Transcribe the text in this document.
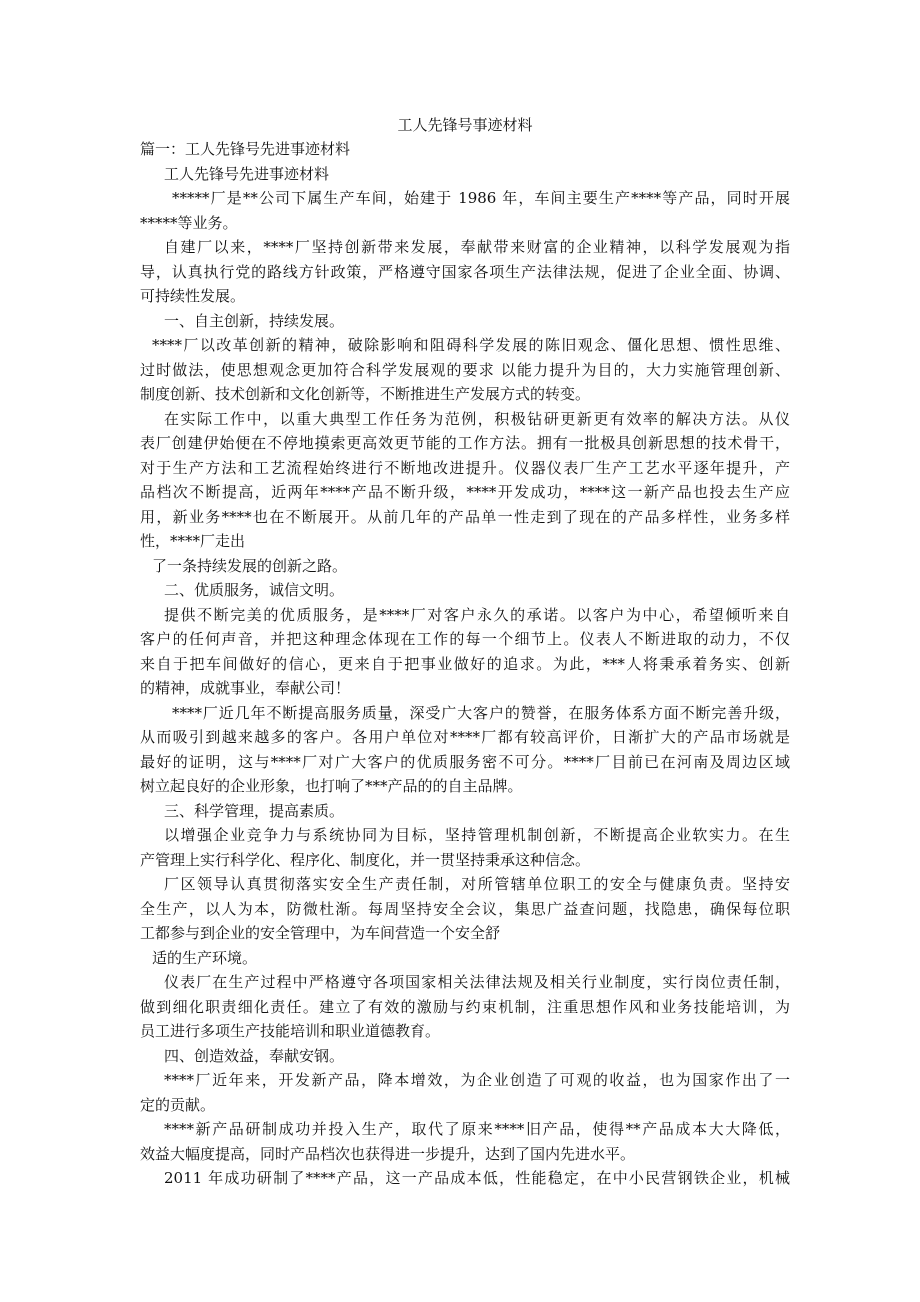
工人先锋号事迹材料

篇一：工人先锋号先进事迹材料

工人先锋号先进事迹材料

*****厂是**公司下属生产车间，始建于 1986 年，车间主要生产****等产品，同时开展

*****等业务。

自建厂以来，****厂坚持创新带来发展，奉献带来财富的企业精神，以科学发展观为指

导，认真执行党的路线方针政策，严格遵守国家各项生产法律法规，促进了企业全面、协调、

可持续性发展。

一、自主创新，持续发展。

****厂以改革创新的精神，破除影响和阻碍科学发展的陈旧观念、僵化思想、惯性思维、

过时做法，使思想观念更加符合科学发展观的要求 以能力提升为目的，大力实施管理创新、

制度创新、技术创新和文化创新等，不断推进生产发展方式的转变。

在实际工作中，以重大典型工作任务为范例，积极钻研更新更有效率的解决方法。从仪

表厂创建伊始便在不停地摸索更高效更节能的工作方法。拥有一批极具创新思想的技术骨干，

对于生产方法和工艺流程始终进行不断地改进提升。仪器仪表厂生产工艺水平逐年提升，产

品档次不断提高，近两年****产品不断升级，****开发成功，****这一新产品也投去生产应

用，新业务****也在不断展开。从前几年的产品单一性走到了现在的产品多样性，业务多样

性，****厂走出

了一条持续发展的创新之路。

二、优质服务，诚信文明。

提供不断完美的优质服务，是****厂对客户永久的承诺。以客户为中心，希望倾听来自

客户的任何声音，并把这种理念体现在工作的每一个细节上。仪表人不断进取的动力，不仅

来自于把车间做好的信心，更来自于把事业做好的追求。为此，***人将秉承着务实、创新

的精神，成就事业，奉献公司！

****厂近几年不断提高服务质量，深受广大客户的赞誉，在服务体系方面不断完善升级，

从而吸引到越来越多的客户。各用户单位对****厂都有较高评价，日渐扩大的产品市场就是

最好的证明，这与****厂对广大客户的优质服务密不可分。****厂目前已在河南及周边区域

树立起良好的企业形象，也打响了***产品的的自主品牌。

三、科学管理，提高素质。

以增强企业竞争力与系统协同为目标，坚持管理机制创新，不断提高企业软实力。在生

产管理上实行科学化、程序化、制度化，并一贯坚持秉承这种信念。

厂区领导认真贯彻落实安全生产责任制，对所管辖单位职工的安全与健康负责。坚持安

全生产，以人为本，防微杜渐。每周坚持安全会议，集思广益查问题，找隐患，确保每位职

工都参与到企业的安全管理中，为车间营造一个安全舒

适的生产环境。

仪表厂在生产过程中严格遵守各项国家相关法律法规及相关行业制度，实行岗位责任制，

做到细化职责细化责任。建立了有效的激励与约束机制，注重思想作风和业务技能培训，为

员工进行多项生产技能培训和职业道德教育。

四、创造效益，奉献安钢。

****厂近年来，开发新产品，降本增效，为企业创造了可观的收益，也为国家作出了一

定的贡献。

****新产品研制成功并投入生产，取代了原来****旧产品，使得**产品成本大大降低，

效益大幅度提高，同时产品档次也获得进一步提升，达到了国内先进水平。

2011 年成功研制了****产品，这一产品成本低，性能稳定，在中小民营钢铁企业，机械
